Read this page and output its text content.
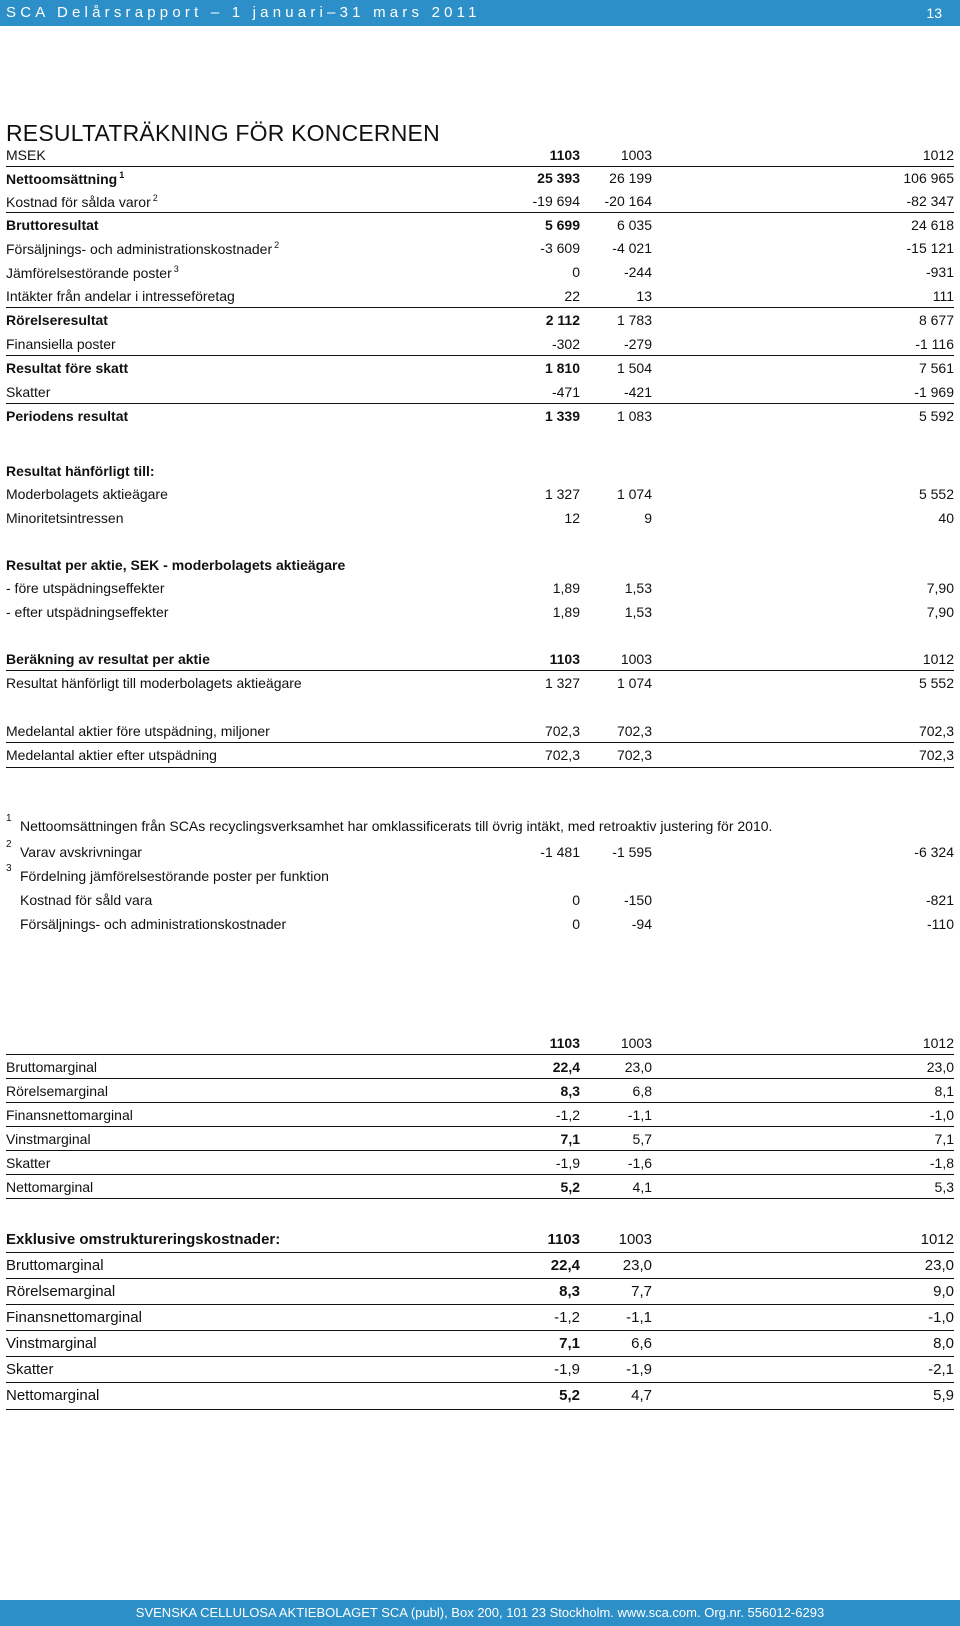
SCA Delårsrapport – 1 januari–31 mars 2011	13
RESULTATRÄKNING FÖR KONCERNEN
MSEK	1103	1003	1012
Nettoomsättning $^1$	25 393	26 199	106 965
Kostnad för sålda varor $^2$	-19 694	-20 164	-82 347
Bruttoresultat	5 699	6 035	24 618
Försäljnings- och administrationskostnader $^2$	-3 609	-4 021	-15 121
Jämförelsestörande poster $^3$	0	-244	-931
Intäkter från andelar i intresseföretag	22	13	111
Rörelseresultat	2 112	1 783	8 677
Finansiella poster	-302	-279	-1 116
Resultat före skatt	1 810	1 504	7 561
Skatter	-471	-421	-1 969
Periodens resultat	1 339	1 083	5 592
Resultat hänförligt till:
Moderbolagets aktieägare	1 327	1 074	5 552
Minoritetsintressen	12	9	40
Resultat per aktie, SEK - moderbolagets aktieägare
- före utspädningseffekter	1,89	1,53	7,90
- efter utspädningseffekter	1,89	1,53	7,90
Beräkning av resultat per aktie	1103	1003	1012
Resultat hänförligt till moderbolagets aktieägare	1 327	1 074	5 552
Medelantal aktier före utspädning, miljoner	702,3	702,3	702,3
Medelantal aktier efter utspädning	702,3	702,3	702,3
1 Nettoomsättningen från SCAs recyclingsverksamhet har omklassificerats till övrig intäkt, med retroaktiv justering för 2010.
2 Varav avskrivningar	-1 481	-1 595	-6 324
3 Fördelning jämförelsestörande poster per funktion
Kostnad för såld vara	0	-150	-821
Försäljnings- och administrationskostnader	0	-94	-110
1103	1003	1012
Bruttomarginal	22,4	23,0	23,0
Rörelsemarginal	8,3	6,8	8,1
Finansnettomarginal	-1,2	-1,1	-1,0
Vinstmarginal	7,1	5,7	7,1
Skatter	-1,9	-1,6	-1,8
Nettomarginal	5,2	4,1	5,3
Exklusive omstruktureringskostnader:	1103	1003	1012
Bruttomarginal	22,4	23,0	23,0
Rörelsemarginal	8,3	7,7	9,0
Finansnettomarginal	-1,2	-1,1	-1,0
Vinstmarginal	7,1	6,6	8,0
Skatter	-1,9	-1,9	-2,1
Nettomarginal	5,2	4,7	5,9
SVENSKA CELLULOSA AKTIEBOLAGET SCA (publ), Box 200, 101 23 Stockholm. www.sca.com. Org.nr. 556012-6293
